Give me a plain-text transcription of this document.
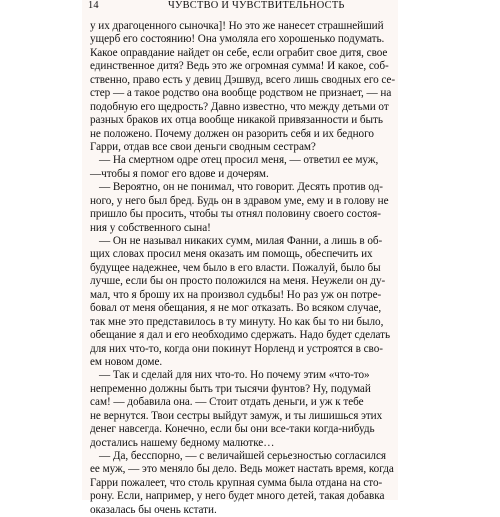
14	ЧУВСТВО И ЧУВСТВИТЕЛЬНОСТЬ
у их драгоценного сыночка]! Но это же нанесет страшнейший
ущерб его состоянию! Она умоляла его хорошенько подумать.
Какое оправдание найдет он себе, если ограбит свое дитя, свое
единственное дитя? Ведь это же огромная сумма! И какое, соб-
ственно, право есть у девиц Дэшвуд, всего лишь сводных его се-
стер — а такое родство она вообще родством не признает, — на
подобную его щедрость? Давно известно, что между детьми от
разных браков их отца вообще никакой привязанности и быть
не положено. Почему должен он разорить себя и их бедного
Гарри, отдав все свои деньги сводным сестрам?
— На смертном одре отец просил меня, — ответил ее муж,
—чтобы я помог его вдове и дочерям.
— Вероятно, он не понимал, что говорит. Десять против од-
ного, у него был бред. Будь он в здравом уме, ему и в голову не
пришло бы просить, чтобы ты отнял половину своего состоя-
ния у собственного сына!
— Он не называл никаких сумм, милая Фанни, а лишь в об-
щих словах просил меня оказать им помощь, обеспечить их
будущее надежнее, чем было в его власти. Пожалуй, было бы
лучше, если бы он просто положился на меня. Неужели он ду-
мал, что я брошу их на произвол судьбы! Но раз уж он потре-
бовал от меня обещания, я не мог отказать. Во всяком случае,
так мне это представилось в ту минуту. Но как бы то ни было,
обещание я дал и его необходимо сдержать. Надо будет сделать
для них что-то, когда они покинут Норленд и устроятся в сво-
ем новом доме.
— Так и сделай для них что-то. Но почему этим «что-то»
непременно должны быть три тысячи фунтов? Ну, подумай
сам! — добавила она. — Стоит отдать деньги, и уж к тебе
не вернутся. Твои сестры выйдут замуж, и ты лишишься этих
денег навсегда. Конечно, если бы они все-таки когда-нибудь
достались нашему бедному малютке…
— Да, бесспорно, — с величайшей серьезностью согласился
ее муж, — это меняло бы дело. Ведь может настать время, когда
Гарри пожалеет, что столь крупная сумма была отдана на сто-
рону. Если, например, у него будет много детей, такая добавка
оказалась бы очень кстати.
